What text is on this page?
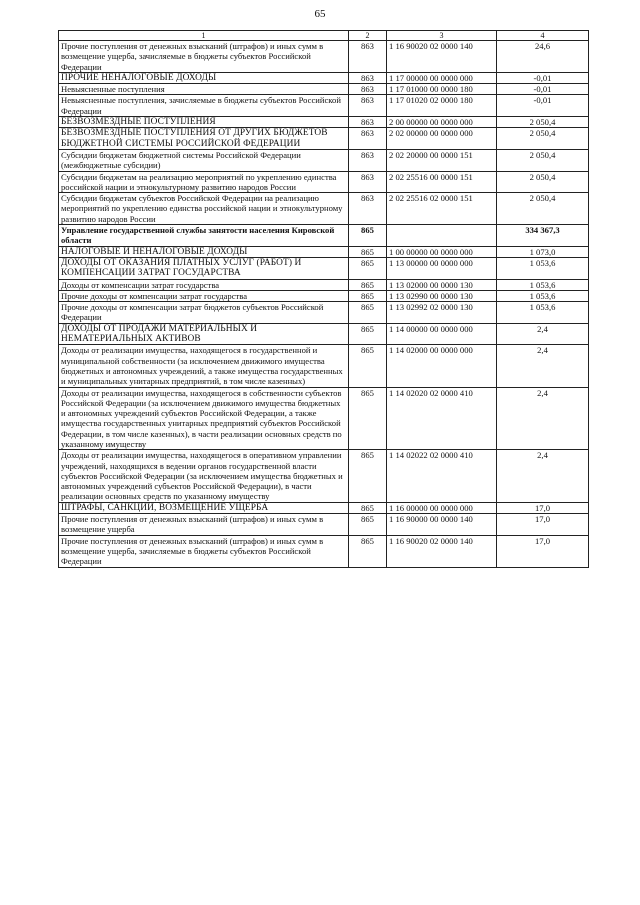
65
1	2	3	4
Прочие поступления от денежных взысканий (штрафов) и иных сумм в возмещение ущерба, зачисляемые в бюджеты субъектов Российской Федерации	863	1 16 90020 02 0000 140	24,6
ПРОЧИЕ НЕНАЛОГОВЫЕ ДОХОДЫ	863	1 17 00000 00 0000 000	-0,01
Невыясненные поступления	863	1 17 01000 00 0000 180	-0,01
Невыясненные поступления, зачисляемые в бюджеты субъектов Российской Федерации	863	1 17 01020 02 0000 180	-0,01
БЕЗВОЗМЕЗДНЫЕ ПОСТУПЛЕНИЯ	863	2 00 00000 00 0000 000	2 050,4
БЕЗВОЗМЕЗДНЫЕ ПОСТУПЛЕНИЯ ОТ ДРУГИХ БЮДЖЕТОВ БЮДЖЕТНОЙ СИСТЕМЫ РОССИЙСКОЙ ФЕДЕРАЦИИ	863	2 02 00000 00 0000 000	2 050,4
Субсидии бюджетам бюджетной системы Российской Федерации (межбюджетные субсидии)	863	2 02 20000 00 0000 151	2 050,4
Субсидии бюджетам на реализацию мероприятий по укреплению единства российской нации и этнокультурному развитию народов России	863	2 02 25516 00 0000 151	2 050,4
Субсидии бюджетам субъектов Российской Федерации на реализацию мероприятий по укреплению единства российской нации и этнокультурному развитию народов России	863	2 02 25516 02 0000 151	2 050,4
Управление государственной службы занятости населения Кировской области	865		334 367,3
НАЛОГОВЫЕ И НЕНАЛОГОВЫЕ ДОХОДЫ	865	1 00 00000 00 0000 000	1 073,0
ДОХОДЫ ОТ ОКАЗАНИЯ ПЛАТНЫХ УСЛУГ (РАБОТ) И КОМПЕНСАЦИИ ЗАТРАТ ГОСУДАРСТВА	865	1 13 00000 00 0000 000	1 053,6
Доходы от компенсации затрат государства	865	1 13 02000 00 0000 130	1 053,6
Прочие доходы от компенсации затрат государства	865	1 13 02990 00 0000 130	1 053,6
Прочие доходы от компенсации затрат бюджетов субъектов Российской Федерации	865	1 13 02992 02 0000 130	1 053,6
ДОХОДЫ ОТ ПРОДАЖИ МАТЕРИАЛЬНЫХ И НЕМАТЕРИАЛЬНЫХ АКТИВОВ	865	1 14 00000 00 0000 000	2,4
Доходы от реализации имущества, находящегося в государственной и муниципальной собственности (за исключением движимого имущества бюджетных и автономных учреждений, а также имущества государственных и муниципальных унитарных предприятий, в том числе казенных)	865	1 14 02000 00 0000 000	2,4
Доходы от реализации имущества, находящегося в собственности субъектов Российской Федерации (за исключением движимого имущества бюджетных и автономных учреждений субъектов Российской Федерации, а также имущества государственных унитарных предприятий субъектов Российской Федерации, в том числе казенных), в части реализации основных средств по указанному имуществу	865	1 14 02020 02 0000 410	2,4
Доходы от реализации имущества, находящегося в оперативном управлении учреждений, находящихся в ведении органов государственной власти субъектов Российской Федерации (за исключением имущества бюджетных и автономных учреждений субъектов Российской Федерации), в части реализации основных средств по указанному имуществу	865	1 14 02022 02 0000 410	2,4
ШТРАФЫ, САНКЦИИ, ВОЗМЕЩЕНИЕ УЩЕРБА	865	1 16 00000 00 0000 000	17,0
Прочие поступления от денежных взысканий (штрафов) и иных сумм в возмещение ущерба	865	1 16 90000 00 0000 140	17,0
Прочие поступления от денежных взысканий (штрафов) и иных сумм в возмещение ущерба, зачисляемые в бюджеты субъектов Российской Федерации	865	1 16 90020 02 0000 140	17,0
